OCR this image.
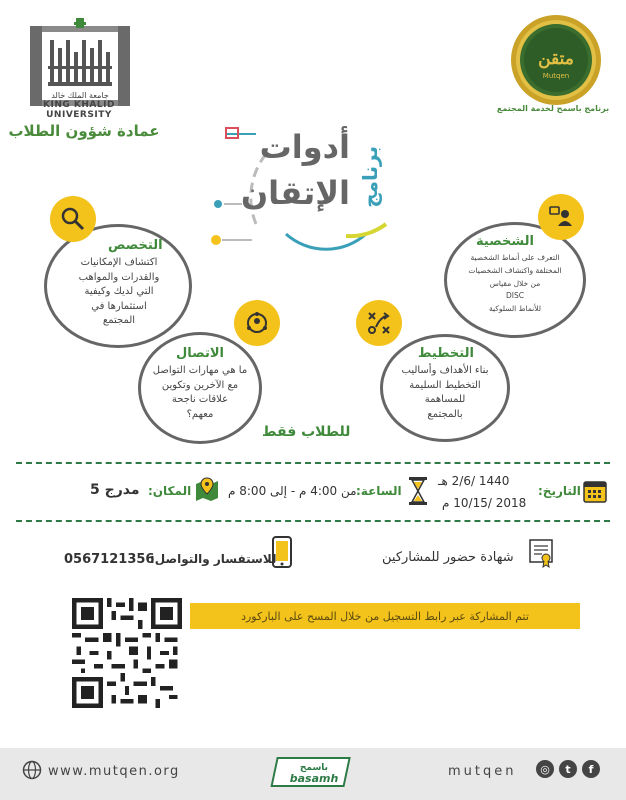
جامعة الملك خالد
KING KHALID UNIVERSITY
عمادة شؤون الطلاب
متقن
Mutqen
برنامج باسمح لخدمة المجتمع
أدوات
الإتقان برنامج
التخصص
اكتشاف الإمكانيات
والقدرات والمواهب
التي لديك وكيفية
استثمارها في
المجتمع
الشخصية
التعرف على أنماط الشخصية
المختلفة واكتشاف الشخصيات
من خلال مقياس
DISC
للأنماط السلوكية
الاتصال
ما هي مهارات التواصل
مع الآخرين وتكوين
علاقات ناجحة
معهم؟
التخطيط
بناء الأهداف وأساليب
التخطيط السليمة
للمساهمة
بالمجتمع
للطلاب فقط
التاريخ:
1440 /2/6 هـ
2018 /10/15 م
الساعة:
من 4:00 م - إلى 8:00 م
المكان:
مدرج 5
شهادة حضور للمشاركين
للاستفسار والتواصل:
0567121356
تتم المشاركة عبر رابط التسجيل من خلال المسح على الباركورد
www.mutqen.org	باسمح
basamh	mutqen	◎	t	f
